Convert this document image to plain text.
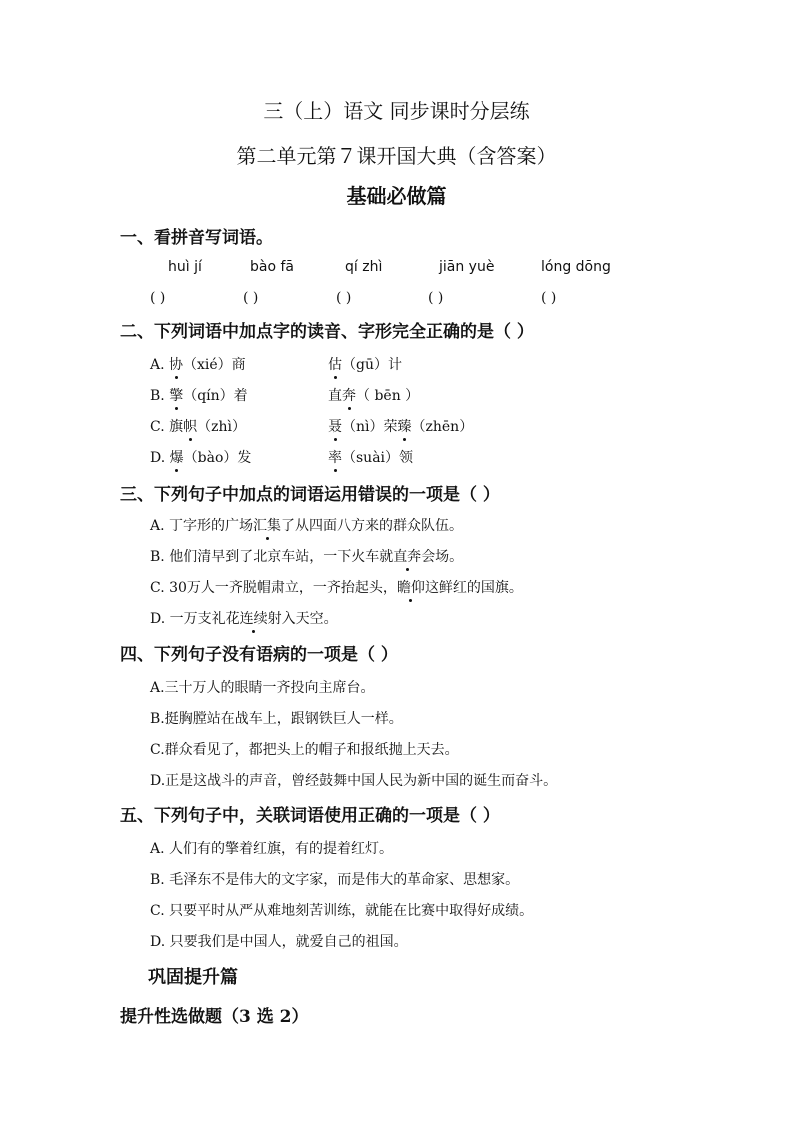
三（上）语文 同步课时分层练
第二单元第７课开国大典（含答案）
基础必做篇
一、看拼音写词语。
huì jí	bào fā	qí zhì	jiān yuè	lóng dōng
( )	( )	( )	( )	( )
二、下列词语中加点字的读音、字形完全正确的是（ ）
A. 协（xié）商	估（gū）计
B. 擎（qín）着	直奔（ bēn ）
C. 旗帜（zhì）	聂（nì）荣臻（zhēn）
D. 爆（bào）发	率（suài）领
三、下列句子中加点的词语运用错误的一项是（ ）
A. 丁字形的广场汇集了从四面八方来的群众队伍。
B. 他们清早到了北京车站，一下火车就直奔会场。
C. 30万人一齐脱帽肃立，一齐抬起头，瞻仰这鲜红的国旗。
D. 一万支礼花连续射入天空。
四、下列句子没有语病的一项是（ ）
A.三十万人的眼睛一齐投向主席台。
B.挺胸膛站在战车上，跟钢铁巨人一样。
C.群众看见了，都把头上的帽子和报纸抛上天去。
D.正是这战斗的声音，曾经鼓舞中国人民为新中国的诞生而奋斗。
五、下列句子中，关联词语使用正确的一项是（ ）
A. 人们有的擎着红旗，有的提着红灯。
B. 毛泽东不是伟大的文字家，而是伟大的革命家、思想家。
C. 只要平时从严从难地刻苦训练，就能在比赛中取得好成绩。
D. 只要我们是中国人，就爱自己的祖国。
巩固提升篇
提升性选做题（3 选 2）
